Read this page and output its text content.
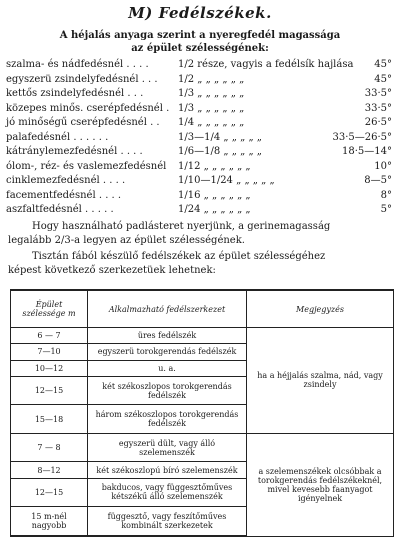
M) Fedélszékek.
A héjalás anyaga szerint a nyeregfedél magassága
az épület szélességének:
szalma- és nádfedésnél . . . .	1/2 része, vagyis a fedélsík hajlása 45°
egyszerü zsindelyfedésnél . . . 1/2 „ „ „ „ „ „	45°
kettős zsindelyfedésnél . . .	1/3 „ „ „ „ „ „	33·5°
közepes minős. cserépfedésnél . 1/3 „ „ „ „ „ „	33·5°
jó minőségű cserépfedésnél . . 1/4 „ „ „ „ „ „	26·5°
palafedésnél . . . . . .	1/3—1/4 „ „ „ „ „	33·5—26·5°
kátránylemezfedésnél . . . .	1/6—1/8 „ „ „ „ „	18·5—14°
ólom-, réz- és vaslemezfedésnél 1/12 „ „ „ „ „ „	10°
cinklemezfedésnél . . . .	1/10—1/24 „ „ „ „ „	8—5°
facementfedésnél . . . .	1/16 „ „ „ „ „ „	8°
aszfaltfedésnél . . . . .	1/24 „ „ „ „ „ „	5°
Hogy használható padlásteret nyerjünk, a gerinemagasság
legalább 2/3-a legyen az épület szélességének.
Tisztán fából készülő fedélszékek az épület szélességéhez
képest következő szerkezetüek lehetnek:
Épület szélessége m	Alkalmazható fedélszerkezet	Megjegyzés
6 — 7	üres fedélszék	ha a héjjalás szalma, nád, vagy zsindely
7—10	egyszerü torokgerendás fedélszék	
10—12	u. a.	
12—15	két székoszlopos torokgerendás fedélszék	
15—18	három székoszlopos torokgerendás fedélszék	
7 — 8	egyszerü dült, vagy álló szelemenszék	a szelemenszékek olcsóbbak a torokgerendás fedélszékeknél, mivel kevesebb faanyagot igényelnek
8—12	két székoszlopú bíró szelemenszék	
12—15	bakducos, vagy függesztőműves kétszékű álló szelemenszék	
15 m-nél nagyobb	függesztő, vagy feszítőműves kombinált szerkezetek	
